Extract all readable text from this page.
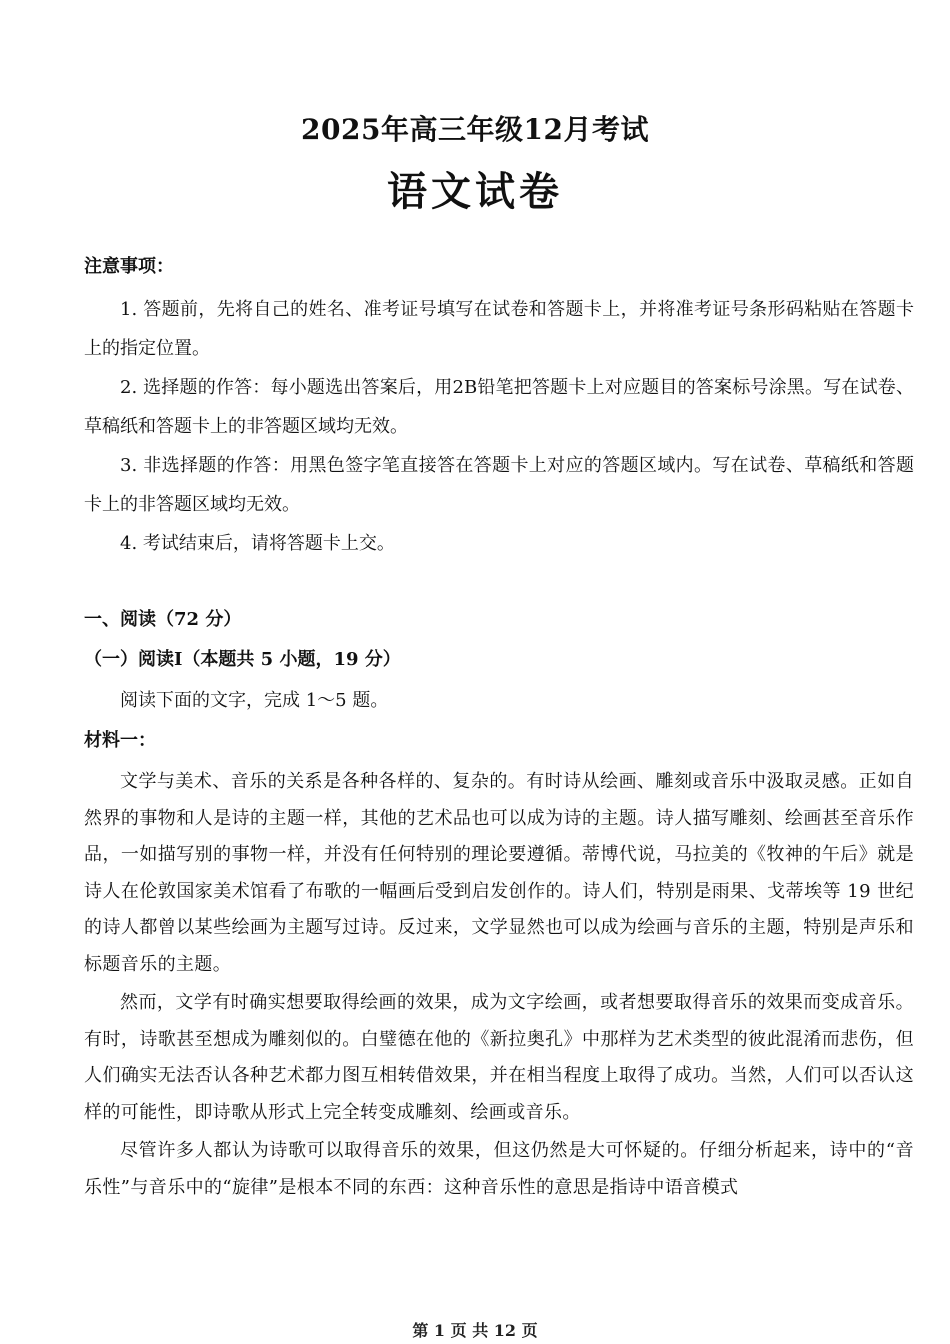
2025年高三年级12月考试
语文试卷
注意事项：
1. 答题前，先将自己的姓名、准考证号填写在试卷和答题卡上，并将准考证号条形码粘贴在答题卡上的指定位置。
2. 选择题的作答：每小题选出答案后，用2B铅笔把答题卡上对应题目的答案标号涂黑。写在试卷、草稿纸和答题卡上的非答题区域均无效。
3. 非选择题的作答：用黑色签字笔直接答在答题卡上对应的答题区域内。写在试卷、草稿纸和答题卡上的非答题区域均无效。
4. 考试结束后，请将答题卡上交。
一、阅读（72 分）
（一）阅读I（本题共 5 小题，19 分）
阅读下面的文字，完成 1～5 题。
材料一：

文学与美术、音乐的关系是各种各样的、复杂的。有时诗从绘画、雕刻或音乐中汲取灵感。正如自然界的事物和人是诗的主题一样，其他的艺术品也可以成为诗的主题。诗人描写雕刻、绘画甚至音乐作品，一如描写别的事物一样，并没有任何特别的理论要遵循。蒂博代说，马拉美的《牧神的午后》就是诗人在伦敦国家美术馆看了布歌的一幅画后受到启发创作的。诗人们，特别是雨果、戈蒂埃等 19 世纪的诗人都曾以某些绘画为主题写过诗。反过来，文学显然也可以成为绘画与音乐的主题，特别是声乐和标题音乐的主题。

然而，文学有时确实想要取得绘画的效果，成为文字绘画，或者想要取得音乐的效果而变成音乐。有时，诗歌甚至想成为雕刻似的。白璧德在他的《新拉奥孔》中那样为艺术类型的彼此混淆而悲伤，但人们确实无法否认各种艺术都力图互相转借效果，并在相当程度上取得了成功。当然，人们可以否认这样的可能性，即诗歌从形式上完全转变成雕刻、绘画或音乐。

尽管许多人都认为诗歌可以取得音乐的效果，但这仍然是大可怀疑的。仔细分析起来，诗中的“音乐性”与音乐中的“旋律”是根本不同的东西：这种音乐性的意思是指诗中语音模式

第 1 页 共 12 页
